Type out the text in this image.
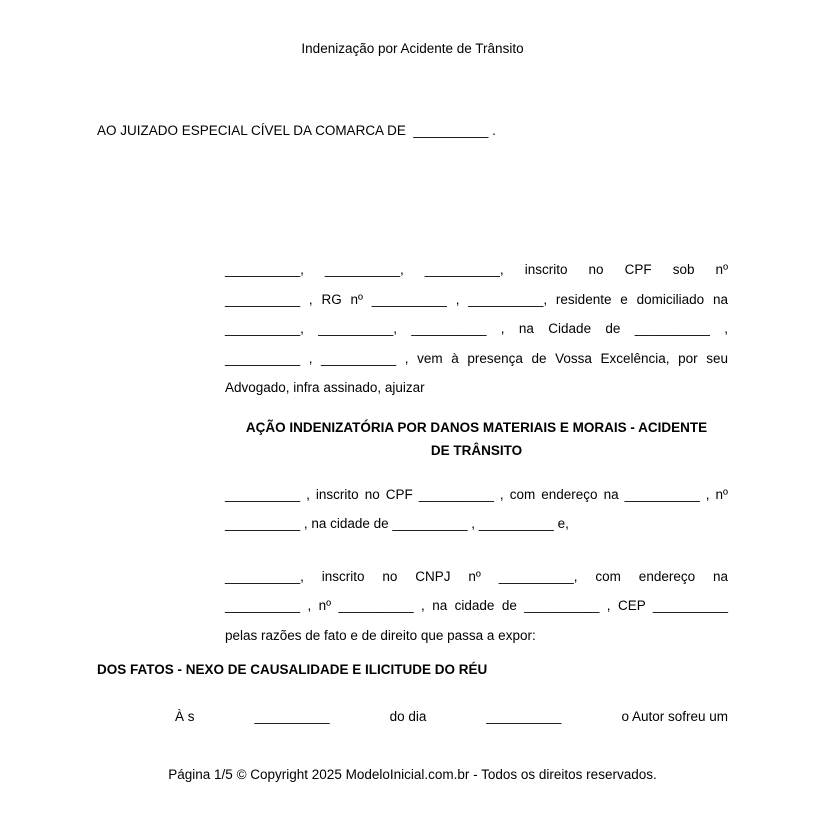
Indenização por Acidente de Trânsito
AO JUIZADO ESPECIAL CÍVEL DA COMARCA DE  __________ .
__________, __________, __________, inscrito no CPF sob nº
__________ , RG nº __________ , __________, residente e domiciliado na
__________, __________, __________ , na Cidade de __________ ,
__________ , __________ , vem à presença de Vossa Excelência, por seu
Advogado, infra assinado, ajuizar
AÇÃO INDENIZATÓRIA POR DANOS MATERIAIS E MORAIS - ACIDENTE
DE TRÂNSITO
__________ , inscrito no CPF __________ , com endereço na __________ , nº
__________ , na cidade de __________ , __________ e,
__________, inscrito no CNPJ nº __________, com endereço na
__________ , nº __________ , na cidade de __________ , CEP __________
pelas razões de fato e de direito que passa a expor:
DOS FATOS - NEXO DE CAUSALIDADE E ILICITUDE DO RÉU
À s	__________	do dia	__________	o Autor sofreu um
Página 1/5 © Copyright 2025 ModeloInicial.com.br - Todos os direitos reservados.
